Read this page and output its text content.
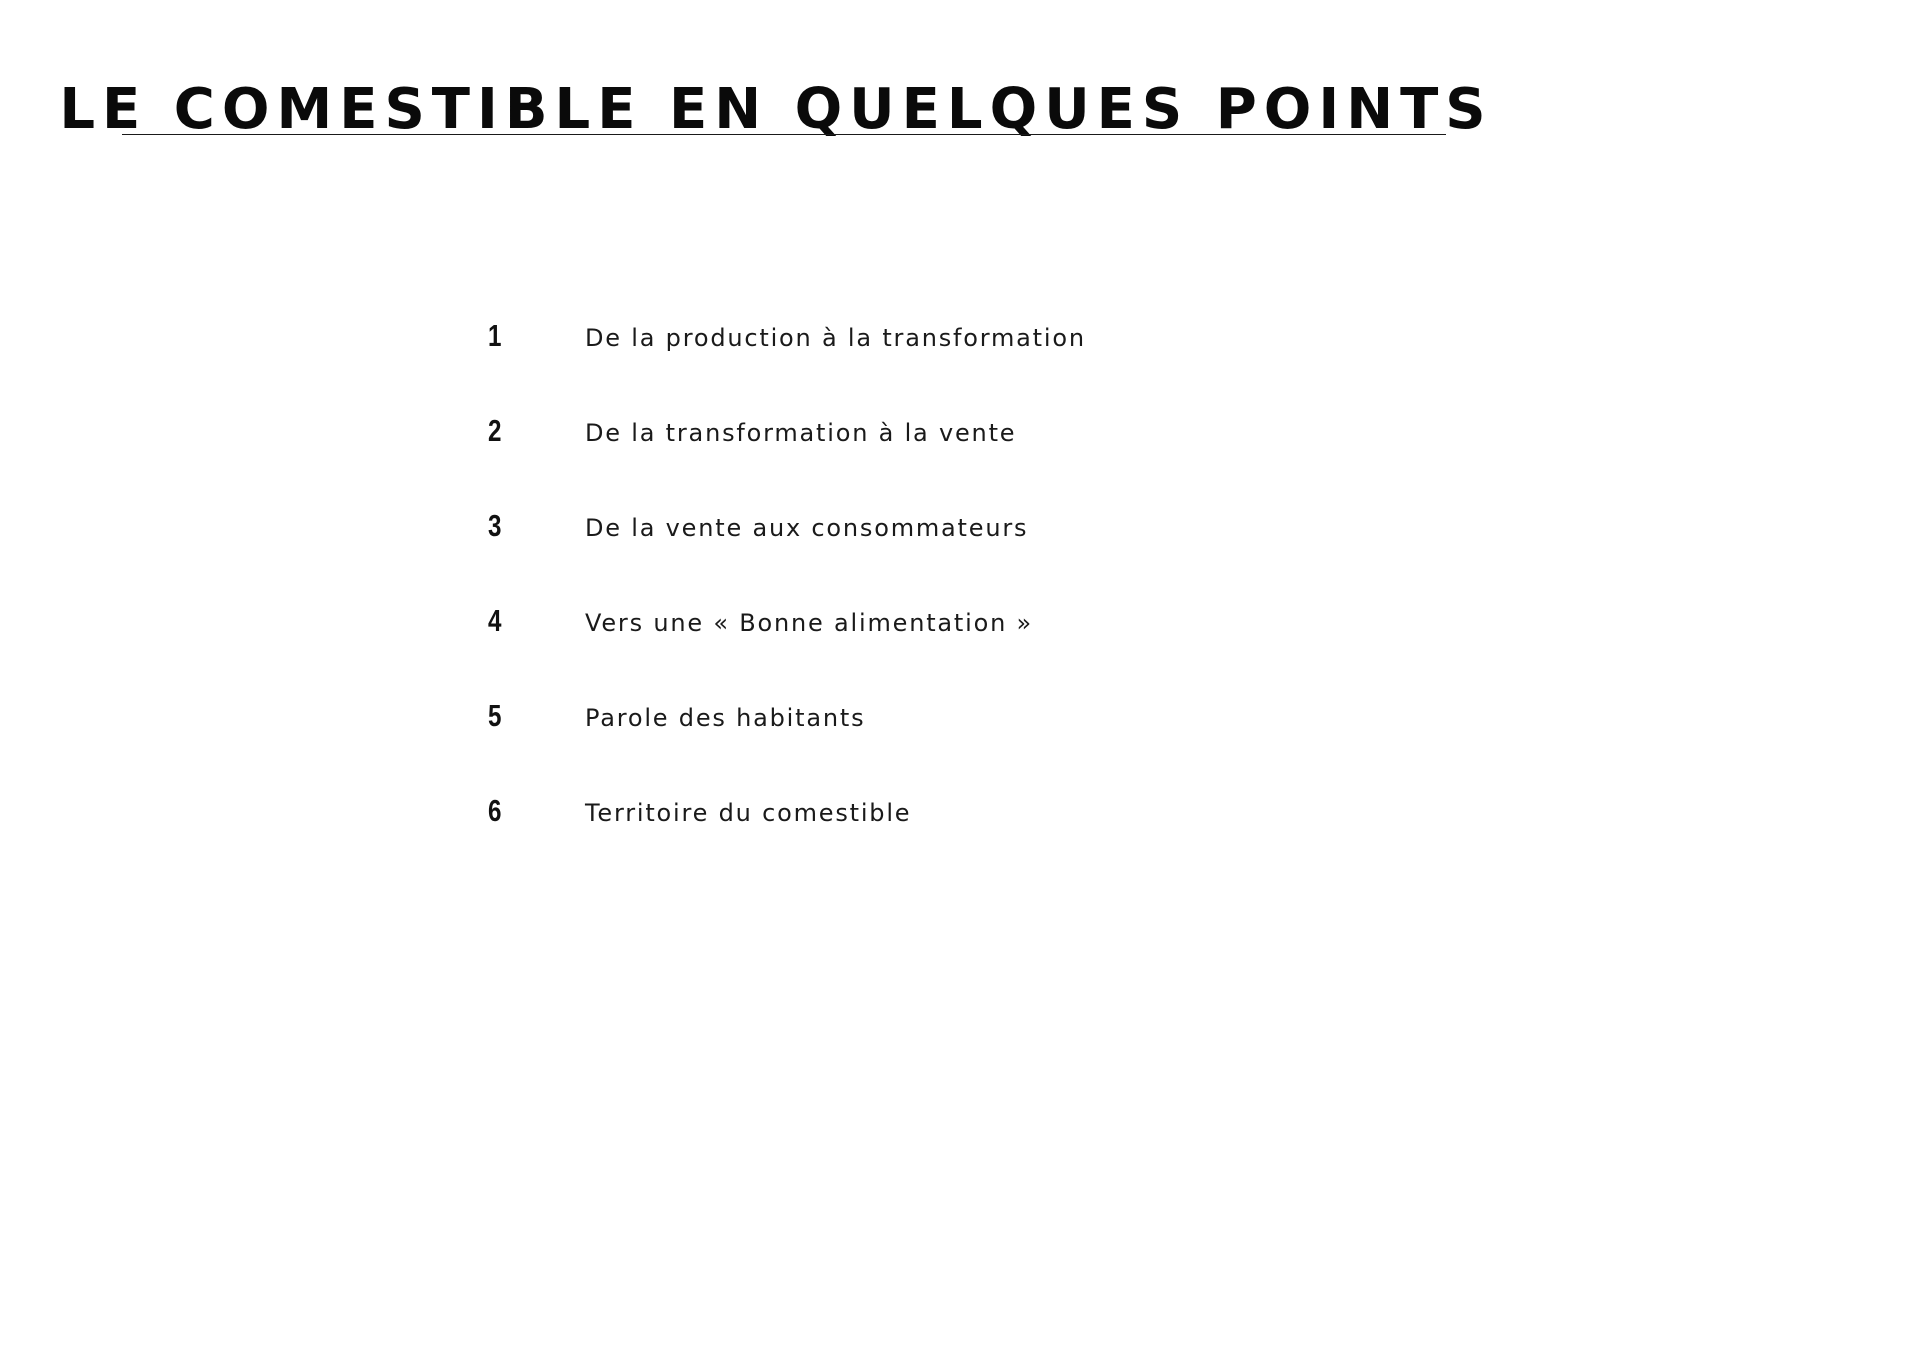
LE COMESTIBLE EN QUELQUES POINTS
1	De la production à la transformation
2	De la transformation à la vente
3	De la vente aux consommateurs
4	Vers une « Bonne alimentation »
5	Parole des habitants
6	Territoire du comestible
